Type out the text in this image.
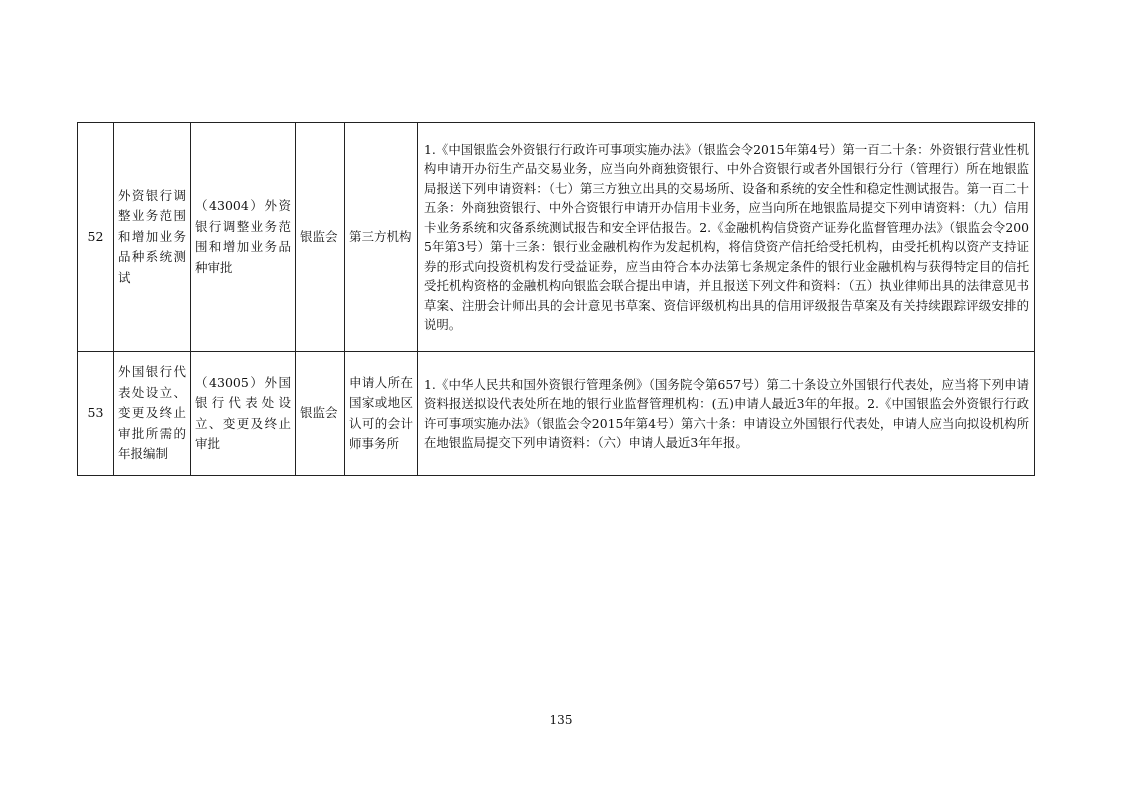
52	外资银行调整业务范围和增加业务品种系统测试	（43004）外资银行调整业务范围和增加业务品种审批	银监会	第三方机构	1.《中国银监会外资银行行政许可事项实施办法》（银监会令2015年第4号）第一百二十条：外资银行营业性机构申请开办衍生产品交易业务，应当向外商独资银行、中外合资银行或者外国银行分行（管理行）所在地银监局报送下列申请资料：（七）第三方独立出具的交易场所、设备和系统的安全性和稳定性测试报告。第一百二十五条：外商独资银行、中外合资银行申请开办信用卡业务，应当向所在地银监局提交下列申请资料：（九）信用卡业务系统和灾备系统测试报告和安全评估报告。2.《金融机构信贷资产证券化监督管理办法》（银监会令2005年第3号）第十三条：银行业金融机构作为发起机构，将信贷资产信托给受托机构，由受托机构以资产支持证券的形式向投资机构发行受益证券，应当由符合本办法第七条规定条件的银行业金融机构与获得特定目的信托受托机构资格的金融机构向银监会联合提出申请，并且报送下列文件和资料：（五）执业律师出具的法律意见书草案、注册会计师出具的会计意见书草案、资信评级机构出具的信用评级报告草案及有关持续跟踪评级安排的说明。
53	外国银行代表处设立、变更及终止审批所需的年报编制	（43005）外国银行代表处设立、变更及终止审批	银监会	申请人所在国家或地区认可的会计师事务所	1.《中华人民共和国外资银行管理条例》（国务院令第657号）第二十条设立外国银行代表处，应当将下列申请资料报送拟设代表处所在地的银行业监督管理机构：(五)申请人最近3年的年报。2.《中国银监会外资银行行政许可事项实施办法》（银监会令2015年第4号）第六十条：申请设立外国银行代表处，申请人应当向拟设机构所在地银监局提交下列申请资料：（六）申请人最近3年年报。
135
